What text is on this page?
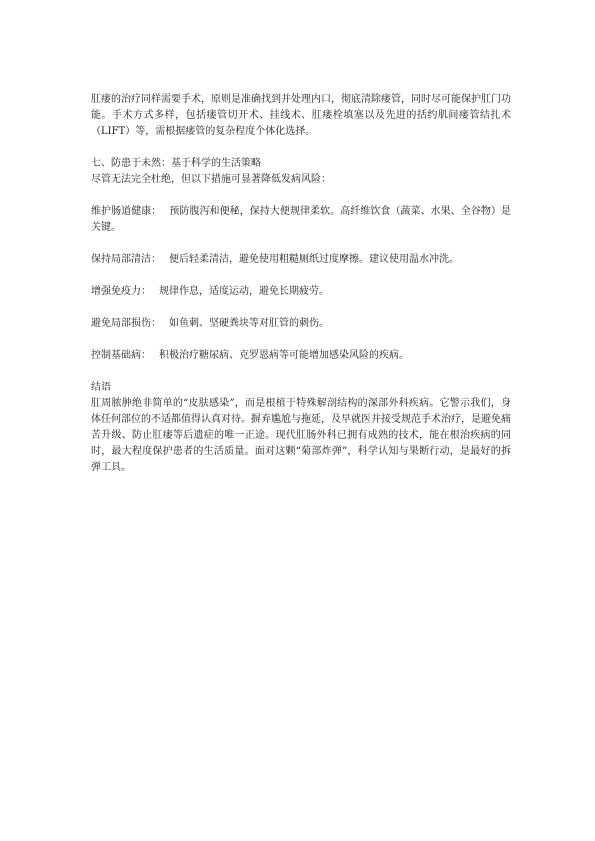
肛瘘的治疗同样需要手术，原则是准确找到并处理内口，彻底清除瘘管，同时尽可能保护肛门功能。手术方式多样，包括瘘管切开术、挂线术、肛瘘栓填塞以及先进的括约肌间瘘管结扎术（LIFT）等，需根据瘘管的复杂程度个体化选择。

七、防患于未然：基于科学的生活策略

尽管无法完全杜绝，但以下措施可显著降低发病风险：

维护肠道健康： 预防腹泻和便秘，保持大便规律柔软。高纤维饮食（蔬菜、水果、全谷物）是关键。

保持局部清洁： 便后轻柔清洁，避免使用粗糙厕纸过度摩擦。建议使用温水冲洗。

增强免疫力： 规律作息，适度运动，避免长期疲劳。

避免局部损伤： 如鱼刺、坚硬粪块等对肛管的刺伤。

控制基础病： 积极治疗糖尿病、克罗恩病等可能增加感染风险的疾病。

结语

肛周脓肿绝非简单的“皮肤感染”，而是根植于特殊解剖结构的深部外科疾病。它警示我们，身体任何部位的不适都值得认真对待。摒弃尴尬与拖延，及早就医并接受规范手术治疗，是避免痛苦升级、防止肛瘘等后遗症的唯一正途。现代肛肠外科已拥有成熟的技术，能在根治疾病的同时，最大程度保护患者的生活质量。面对这颗“菊部炸弹”，科学认知与果断行动，是最好的拆弹工具。
